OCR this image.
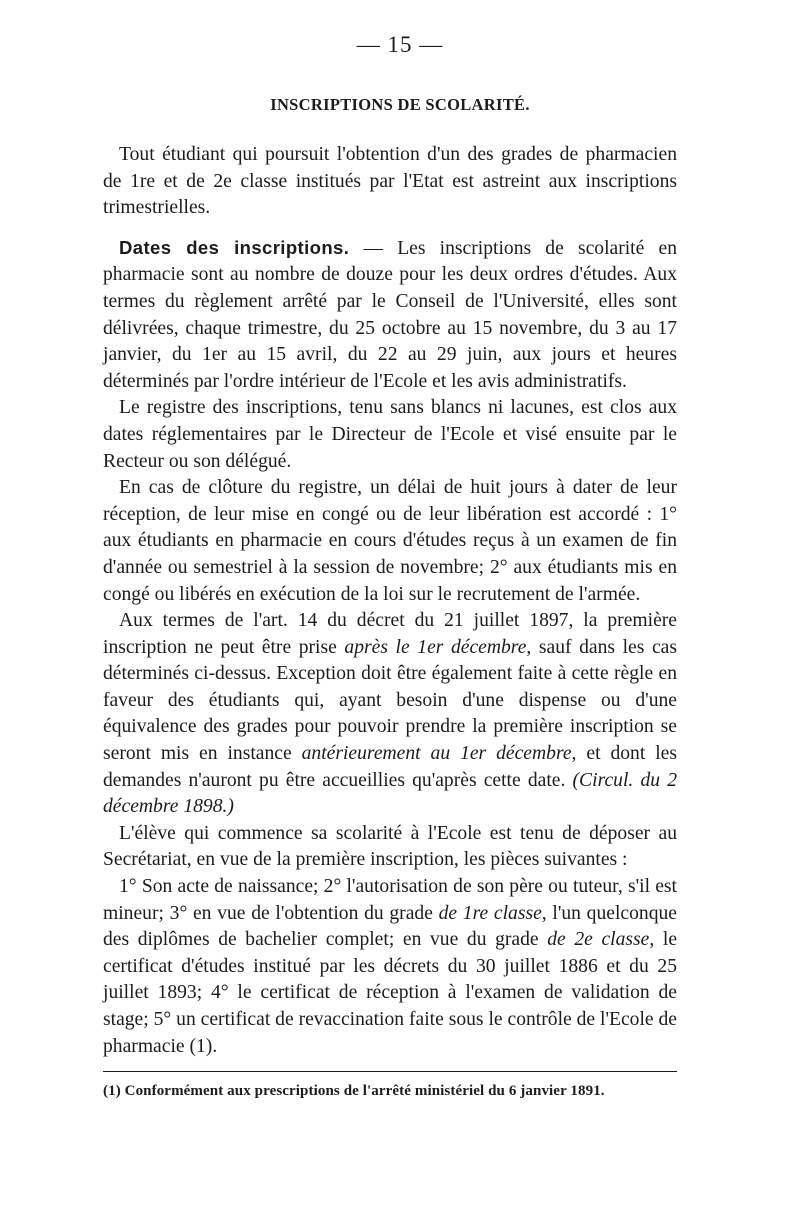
— 15 —
INSCRIPTIONS DE SCOLARITÉ.

Tout étudiant qui poursuit l'obtention d'un des grades de pharmacien de 1re et de 2e classe institués par l'Etat est astreint aux inscriptions trimestrielles.

Dates des inscriptions. — Les inscriptions de scolarité en pharmacie sont au nombre de douze pour les deux ordres d'études. Aux termes du règlement arrêté par le Conseil de l'Université, elles sont délivrées, chaque trimestre, du 25 octobre au 15 novembre, du 3 au 17 janvier, du 1er au 15 avril, du 22 au 29 juin, aux jours et heures déterminés par l'ordre intérieur de l'Ecole et les avis administratifs.

Le registre des inscriptions, tenu sans blancs ni lacunes, est clos aux dates réglementaires par le Directeur de l'Ecole et visé ensuite par le Recteur ou son délégué.

En cas de clôture du registre, un délai de huit jours à dater de leur réception, de leur mise en congé ou de leur libération est accordé : 1° aux étudiants en pharmacie en cours d'études reçus à un examen de fin d'année ou semestriel à la session de novembre; 2° aux étudiants mis en congé ou libérés en exécution de la loi sur le recrutement de l'armée.

Aux termes de l'art. 14 du décret du 21 juillet 1897, la première inscription ne peut être prise après le 1er décembre, sauf dans les cas déterminés ci-dessus. Exception doit être également faite à cette règle en faveur des étudiants qui, ayant besoin d'une dispense ou d'une équivalence des grades pour pouvoir prendre la première inscription se seront mis en instance antérieurement au 1er décembre, et dont les demandes n'auront pu être accueillies qu'après cette date. (Circul. du 2 décembre 1898.)

L'élève qui commence sa scolarité à l'Ecole est tenu de déposer au Secrétariat, en vue de la première inscription, les pièces suivantes :

1° Son acte de naissance; 2° l'autorisation de son père ou tuteur, s'il est mineur; 3° en vue de l'obtention du grade de 1re classe, l'un quelconque des diplômes de bachelier complet; en vue du grade de 2e classe, le certificat d'études institué par les décrets du 30 juillet 1886 et du 25 juillet 1893; 4° le certificat de réception à l'examen de validation de stage; 5° un certificat de revaccination faite sous le contrôle de l'Ecole de pharmacie (1).

(1) Conformément aux prescriptions de l'arrêté ministériel du 6 janvier 1891.
